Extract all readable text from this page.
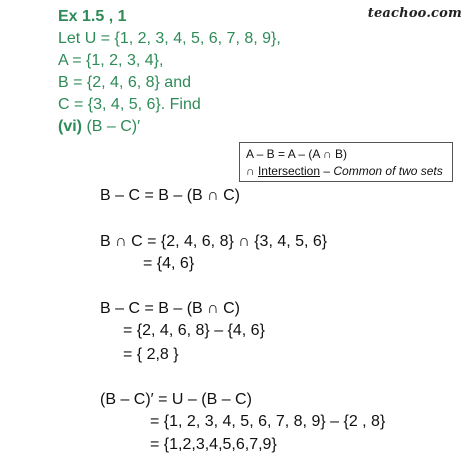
teachoo.com
Ex 1.5 , 1
Let U = {1, 2, 3, 4, 5, 6, 7, 8, 9},
A = {1, 2, 3, 4},
B = {2, 4, 6, 8} and
C = {3, 4, 5, 6}. Find
(vi) (B – C)′
A – B = A – (A ∩ B)
∩ Intersection – Common of two sets
B – C = B – (B ∩ C)
B ∩ C = {2, 4, 6, 8} ∩ {3, 4, 5, 6}
= {4, 6}
B – C = B – (B ∩ C)
= {2, 4, 6, 8} – {4, 6}
= { 2,8 }
(B – C)′ = U – (B – C)
= {1, 2, 3, 4, 5, 6, 7, 8, 9} – {2 , 8}
= {1,2,3,4,5,6,7,9}
